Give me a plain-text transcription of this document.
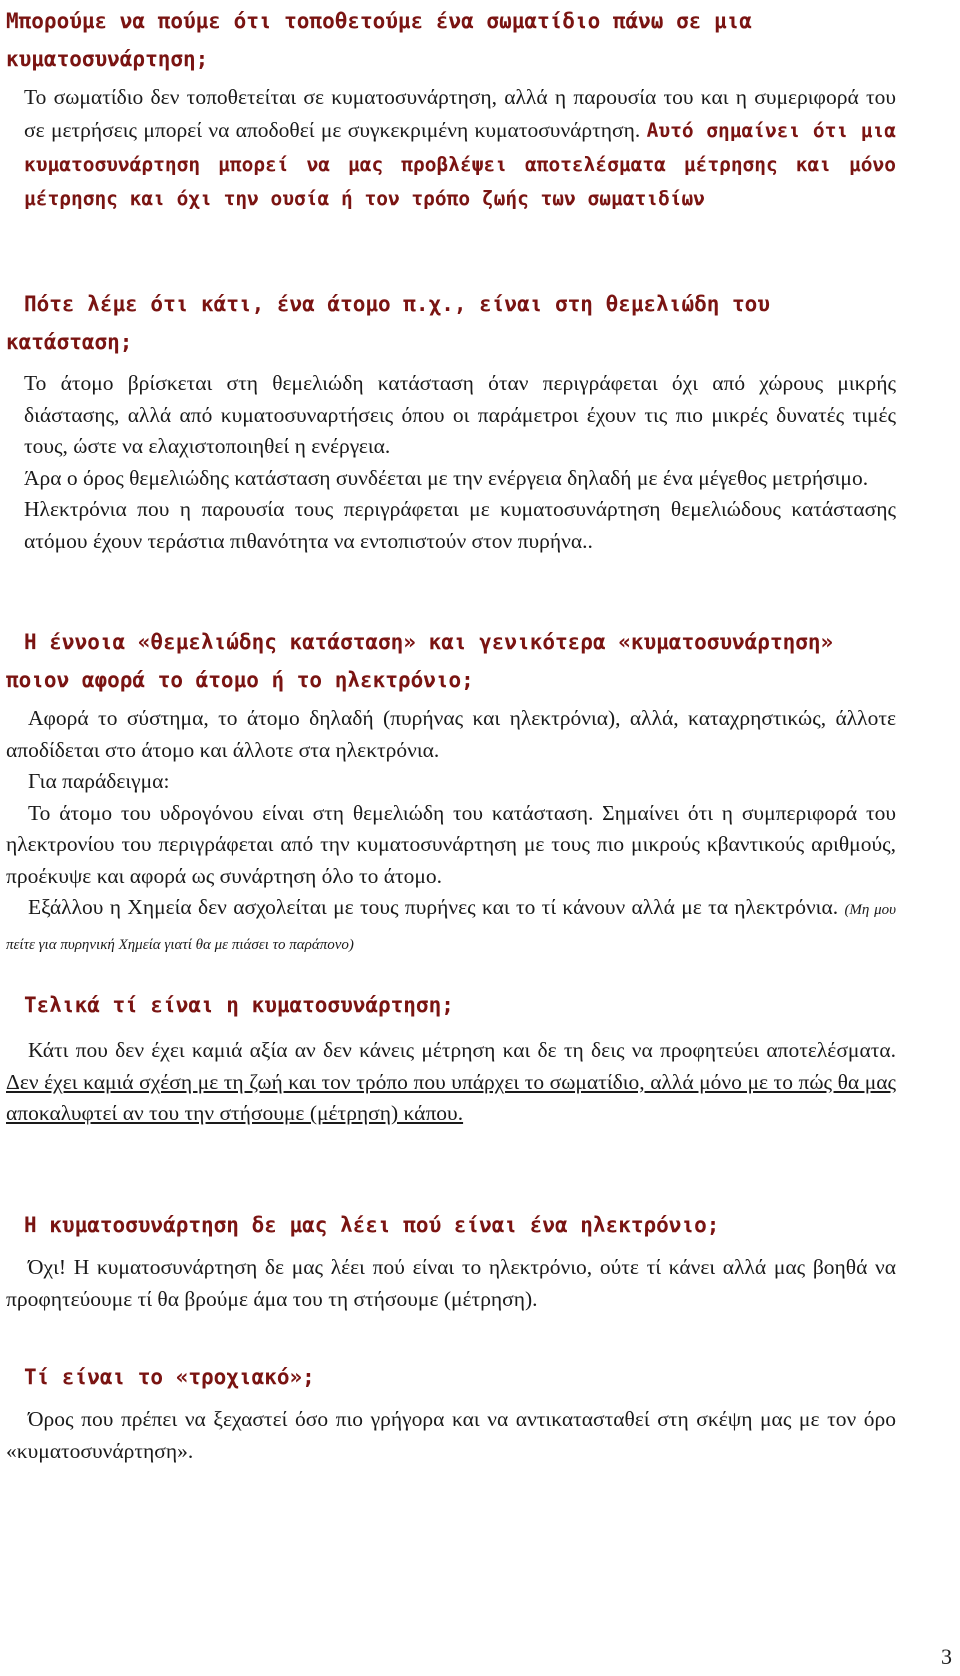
Μπορούμε να πούμε ότι τοποθετούμε ένα σωματίδιο πάνω σε μια κυματοσυνάρτηση;

Το σωματίδιο δεν τοποθετείται σε κυματοσυνάρτηση, αλλά η παρουσία του και η συμεριφορά του σε μετρήσεις μπορεί να αποδοθεί με συγκεκριμένη κυματοσυνάρτηση. Αυτό σημαίνει ότι μια κυματοσυνάρτηση μπορεί να μας προβλέψει αποτελέσματα μέτρησης και μόνο μέτρησης και όχι την ουσία ή τον τρόπο ζωής των σωματιδίων

Πότε λέμε ότι κάτι, ένα άτομο π.χ., είναι στη θεμελιώδη του κατάσταση;

Το άτομο βρίσκεται στη θεμελιώδη κατάσταση όταν περιγράφεται όχι από χώρους μικρής διάστασης, αλλά από κυματοσυναρτήσεις όπου οι παράμετροι έχουν τις πιο μικρές δυνατές τιμές τους, ώστε να ελαχιστοποιηθεί η ενέργεια.

Άρα ο όρος θεμελιώδης κατάσταση συνδέεται με την ενέργεια δηλαδή με ένα μέγεθος μετρήσιμο.

Ηλεκτρόνια που η παρουσία τους περιγράφεται με κυματοσυνάρτηση θεμελιώδους κατάστασης ατόμου έχουν τεράστια πιθανότητα να εντοπιστούν στον πυρήνα..

Η έννοια «θεμελιώδης κατάσταση» και γενικότερα «κυματοσυνάρτηση» ποιον αφορά το άτομο ή το ηλεκτρόνιο;

Αφορά το σύστημα, το άτομο δηλαδή (πυρήνας και ηλεκτρόνια), αλλά, καταχρηστικώς, άλλοτε αποδίδεται στο άτομο και άλλοτε στα ηλεκτρόνια.

Για παράδειγμα:

Το άτομο του υδρογόνου είναι στη θεμελιώδη του κατάσταση. Σημαίνει ότι η συμπεριφορά του ηλεκτρονίου του περιγράφεται από την κυματοσυνάρτηση με τους πιο μικρούς κβαντικούς αριθμούς, προέκυψε και αφορά ως συνάρτηση όλο το άτομο.

Εξάλλου η Χημεία δεν ασχολείται με τους πυρήνες και το τί κάνουν αλλά με τα ηλεκτρόνια. (Μη μου πείτε για πυρηνική Χημεία γιατί θα με πιάσει το παράπονο)

Τελικά τί είναι η κυματοσυνάρτηση;

Κάτι που δεν έχει καμιά αξία αν δεν κάνεις μέτρηση και δε τη δεις να προφητεύει αποτελέσματα. Δεν έχει καμιά σχέση με τη ζωή και τον τρόπο που υπάρχει το σωματίδιο, αλλά μόνο με το πώς θα μας αποκαλυφτεί αν του την στήσουμε (μέτρηση) κάπου.

Η κυματοσυνάρτηση δε μας λέει πού είναι ένα ηλεκτρόνιο;

Όχι! Η κυματοσυνάρτηση δε μας λέει πού είναι το ηλεκτρόνιο, ούτε τί κάνει αλλά μας βοηθά να προφητεύουμε τί θα βρούμε άμα του τη στήσουμε (μέτρηση).

Τί είναι το «τροχιακό»;

Όρος που πρέπει να ξεχαστεί όσο πιο γρήγορα και να αντικατασταθεί στη σκέψη μας με τον όρο «κυματοσυνάρτηση».

3
